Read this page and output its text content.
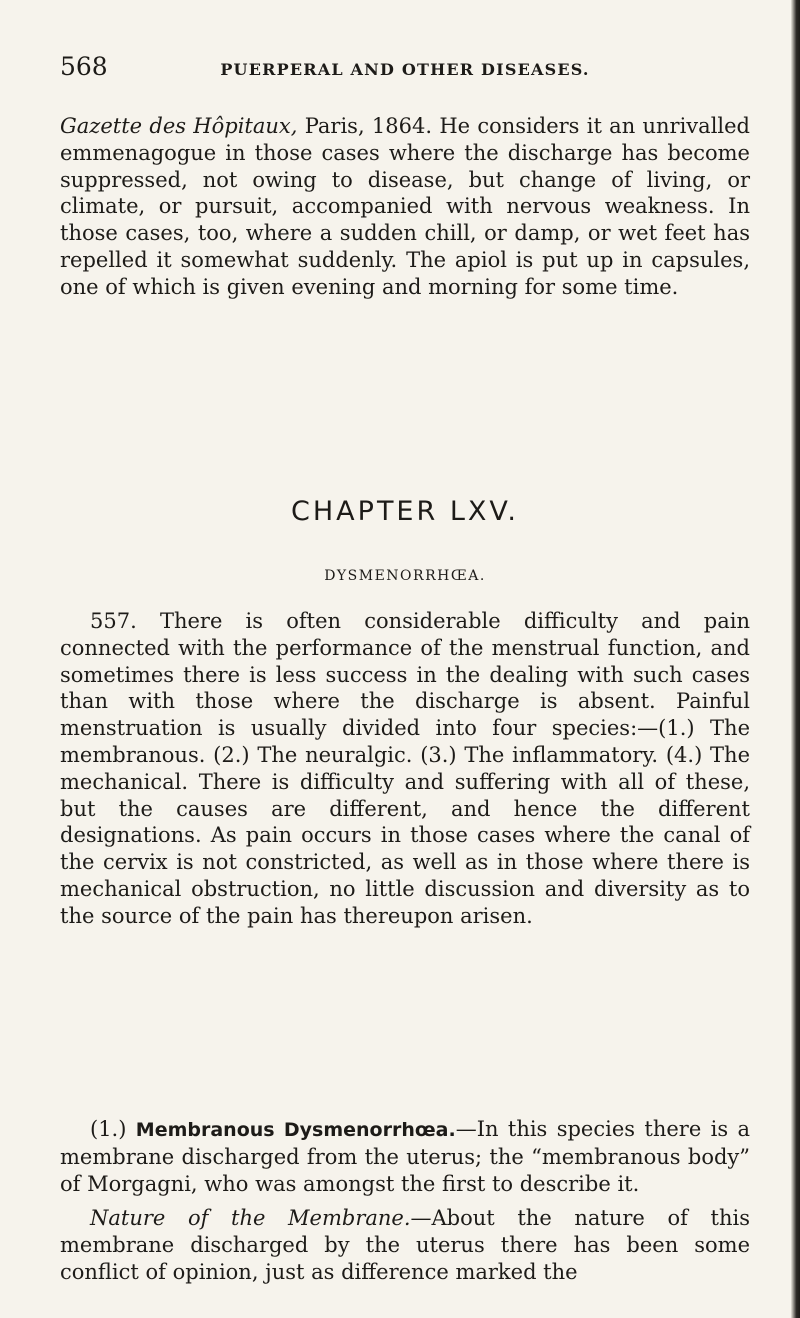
568	PUERPERAL AND OTHER DISEASES.

Gazette des Hôpitaux, Paris, 1864. He considers it an unrivalled emmenagogue in those cases where the discharge has become suppressed, not owing to disease, but change of living, or climate, or pursuit, accompanied with nervous weakness. In those cases, too, where a sudden chill, or damp, or wet feet has repelled it somewhat suddenly. The apiol is put up in capsules, one of which is given evening and morning for some time.

CHAPTER LXV.
DYSMENORRHŒA.

557. There is often considerable difficulty and pain connected with the performance of the menstrual function, and sometimes there is less success in the dealing with such cases than with those where the discharge is absent. Painful menstruation is usually divided into four species:—(1.) The membranous. (2.) The neuralgic. (3.) The inflammatory. (4.) The mechanical. There is difficulty and suffering with all of these, but the causes are different, and hence the different designations. As pain occurs in those cases where the canal of the cervix is not constricted, as well as in those where there is mechanical obstruction, no little discussion and diversity as to the source of the pain has thereupon arisen.

(1.) Membranous Dysmenorrhœa.—In this species there is a membrane discharged from the uterus; the “membranous body” of Morgagni, who was amongst the first to describe it.

Nature of the Membrane.—About the nature of this membrane discharged by the uterus there has been some conflict of opinion, just as difference marked the
